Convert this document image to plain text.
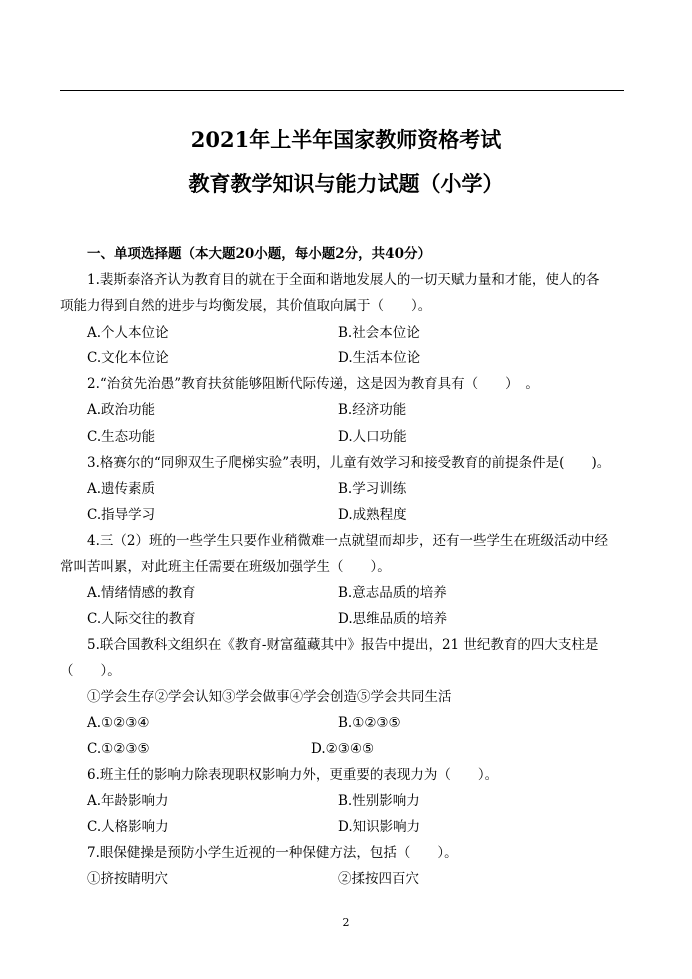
2021年上半年国家教师资格考试
教育教学知识与能力试题（小学）
一、单项选择题（本大题20小题，每小题2分，共40分）
1.裴斯泰洛齐认为教育目的就在于全面和谐地发展人的一切天赋力量和才能，使人的各
项能力得到自然的进步与均衡发展，其价值取向属于（　　）。
A.个人本位论	B.社会本位论
C.文化本位论	D.生活本位论
2.“治贫先治愚”教育扶贫能够阻断代际传递，这是因为教育具有（　　）　。
A.政治功能	B.经济功能
C.生态功能	D.人口功能
3.格赛尔的“同卵双生子爬梯实验”表明，儿童有效学习和接受教育的前提条件是(　　)。
A.遗传素质	B.学习训练
C.指导学习	D.成熟程度
4.三（2）班的一些学生只要作业稍微难一点就望而却步，还有一些学生在班级活动中经
常叫苦叫累，对此班主任需要在班级加强学生（　　）。
A.情绪情感的教育	B.意志品质的培养
C.人际交往的教育	D.思维品质的培养
5.联合国教科文组织在《教育-财富蕴藏其中》报告中提出，21 世纪教育的四大支柱是
（　　）。
①学会生存②学会认知③学会做事④学会创造⑤学会共同生活
A.①②③④	B.①②③⑤
C.①②③⑤	D.②③④⑤
6.班主任的影响力除表现职权影响力外，更重要的表现力为（　　）。
A.年龄影响力	B.性别影响力
C.人格影响力	D.知识影响力
7.眼保健操是预防小学生近视的一种保健方法，包括（　　）。
①挤按睛明穴	②揉按四百穴
2
